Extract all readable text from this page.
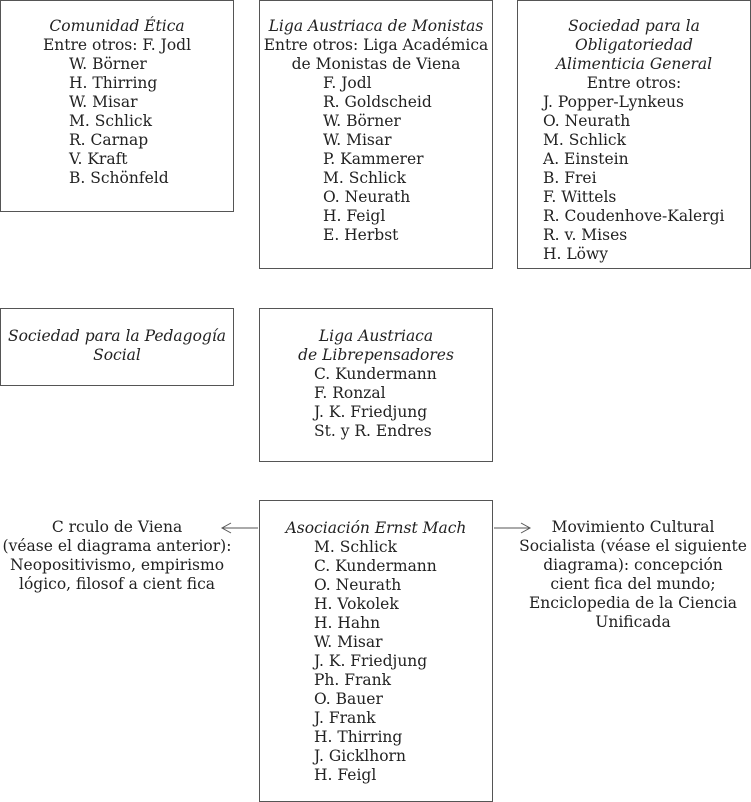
Comunidad Ética
Entre otros: F. Jodl
W. Börner
H. Thirring
W. Misar
M. Schlick
R. Carnap
V. Kraft
B. Schönfeld
Liga Austriaca de Monistas
Entre otros: Liga Académica
de Monistas de Viena
F. Jodl
R. Goldscheid
W. Börner
W. Misar
P. Kammerer
M. Schlick
O. Neurath
H. Feigl
E. Herbst
Sociedad para la Obligatoriedad
Alimenticia General
Entre otros:
J. Popper-Lynkeus
O. Neurath
M. Schlick
A. Einstein
B. Frei
F. Wittels
R. Coudenhove-Kalergi
R. v. Mises
H. Löwy
Sociedad para la Pedagogía
Social
Liga Austriaca
de Librepensadores
C. Kundermann
F. Ronzal
J. K. Friedjung
St. y R. Endres
Asociación Ernst Mach
M. Schlick
C. Kundermann
O. Neurath
H. Vokolek
H. Hahn
W. Misar
J. K. Friedjung
Ph. Frank
O. Bauer
J. Frank
H. Thirring
J. Gicklhorn
H. Feigl
C rculo de Viena
(véase el diagrama anterior):
Neopositivismo, empirismo
lógico, filosof a cient fica
Movimiento Cultural
Socialista (véase el siguiente
diagrama): concepción
cient fica del mundo;
Enciclopedia de la Ciencia
Unificada
